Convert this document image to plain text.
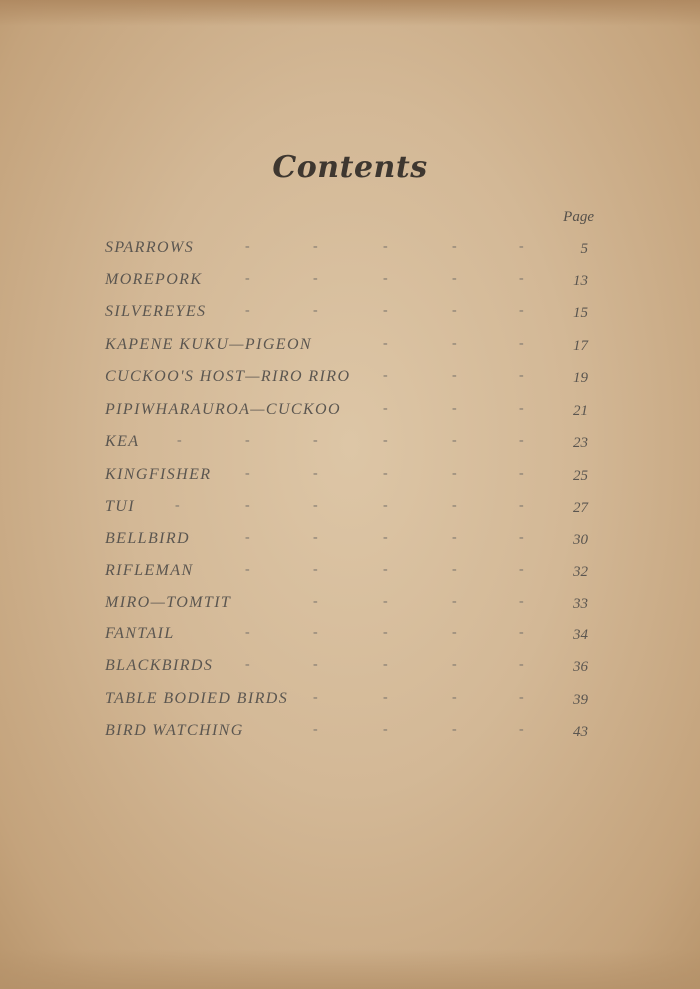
Contents
Page
SPARROWS	-	-	-	-	-	5
MOREPORK	-	-	-	-	-	13
SILVEREYES	-	-	-	-	-	15
KAPENE KUKU—PIGEON	-	-	-	17
CUCKOO'S HOST—RIRO RIRO -	-	-	19
PIPIWHARAUROA—CUCKOO	-	-	-	21
KEA	-	-	-	-	-	-	23
KINGFISHER -	-	-	-	-	25
TUI	-	-	-	-	-	-	27
BELLBIRD	-	-	-	-	-	30
RIFLEMAN	-	-	-	-	-	32
MIRO—TOMTIT	-	-	-	-	33
FANTAIL	-	-	-	-	-	34
BLACKBIRDS -	-	-	-	-	36
TABLE BODIED BIRDS -	-	-	-	39
BIRD WATCHING	-	-	-	-	43
